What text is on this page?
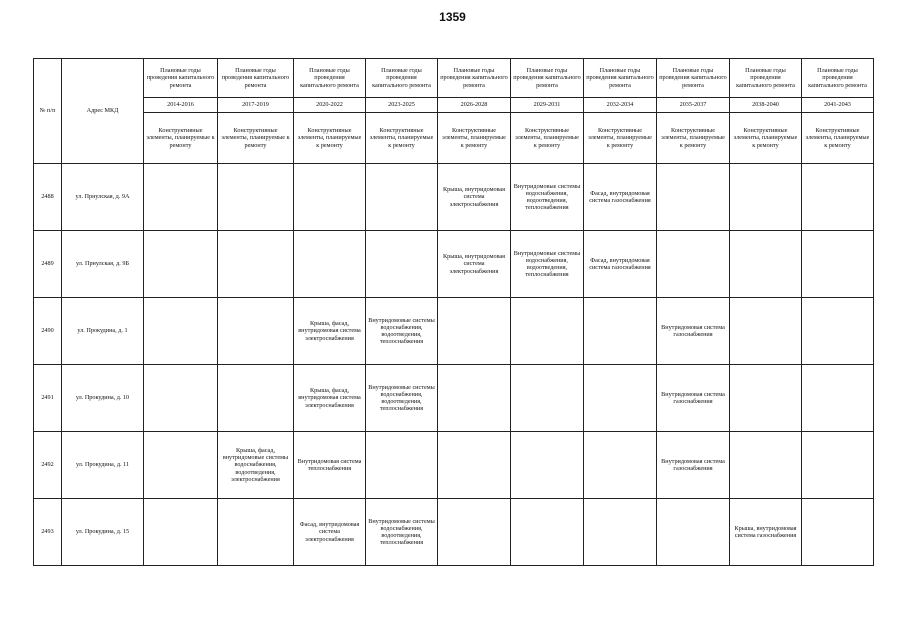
1359
№ п/п	Адрес МКД	Плановые годы проведения капитального ремонта	Плановые годы проведения капитального ремонта	Плановые годы проведения капитального ремонта	Плановые годы проведения капитального ремонта	Плановые годы проведения капитального ремонта	Плановые годы проведения капитального ремонта	Плановые годы проведения капитального ремонта	Плановые годы проведения капитального ремонта	Плановые годы проведения капитального ремонта	Плановые годы проведения капитального ремонта
		2014-2016	2017-2019	2020-2022	2023-2025	2026-2028	2029-2031	2032-2034	2035-2037	2038-2040	2041-2043
		Конструктивные элементы, планируемые к ремонту	Конструктивные элементы, планируемые к ремонту	Конструктивные элементы, планируемые к ремонту	Конструктивные элементы, планируемые к ремонту	Конструктивные элементы, планируемые к ремонту	Конструктивные элементы, планируемые к ремонту	Конструктивные элементы, планируемые к ремонту	Конструктивные элементы, планируемые к ремонту	Конструктивные элементы, планируемые к ремонту	Конструктивные элементы, планируемые к ремонту
2488	ул. Прнулская, д. 9А					Крыша, внутридомовая система электроснабжения	Внутридомовые системы водоснабжения, водоотведения, теплоснабжения	Фасад, внутридомовая система газоснабжения			
2489	ул. Прнулская, д. 9Б					Крыша, внутридомовая система электроснабжения	Внутридомовые системы водоснабжения, водоотведения, теплоснабжения	Фасад, внутридомовая система газоснабжения			
2490	ул. Прокудина, д. 1			Крыша, фасад, внутридомовая система электроснабжения	Внутридомовые системы водоснабжения, водоотведения, теплоснабжения				Внутридомовая система газоснабжения		
2491	ул. Прокудина, д. 10			Крыша, фасад, внутридомовая система электроснабжения	Внутридомовые системы водоснабжения, водоотведения, теплоснабжения				Внутридомовая система газоснабжения		
2492	ул. Прокудина, д. 11		Крыша, фасад, внутридомовые системы водоснабжения, водоотведения, электроснабжения	Внутридомовая система теплоснабжения					Внутридомовая система газоснабжения		
2493	ул. Прокудина, д. 15			Фасад, внутридомовая система электроснабжения	Внутридомовые системы водоснабжения, водоотведения, теплоснабжения					Крыша, внутридомовая система газоснабжения	
